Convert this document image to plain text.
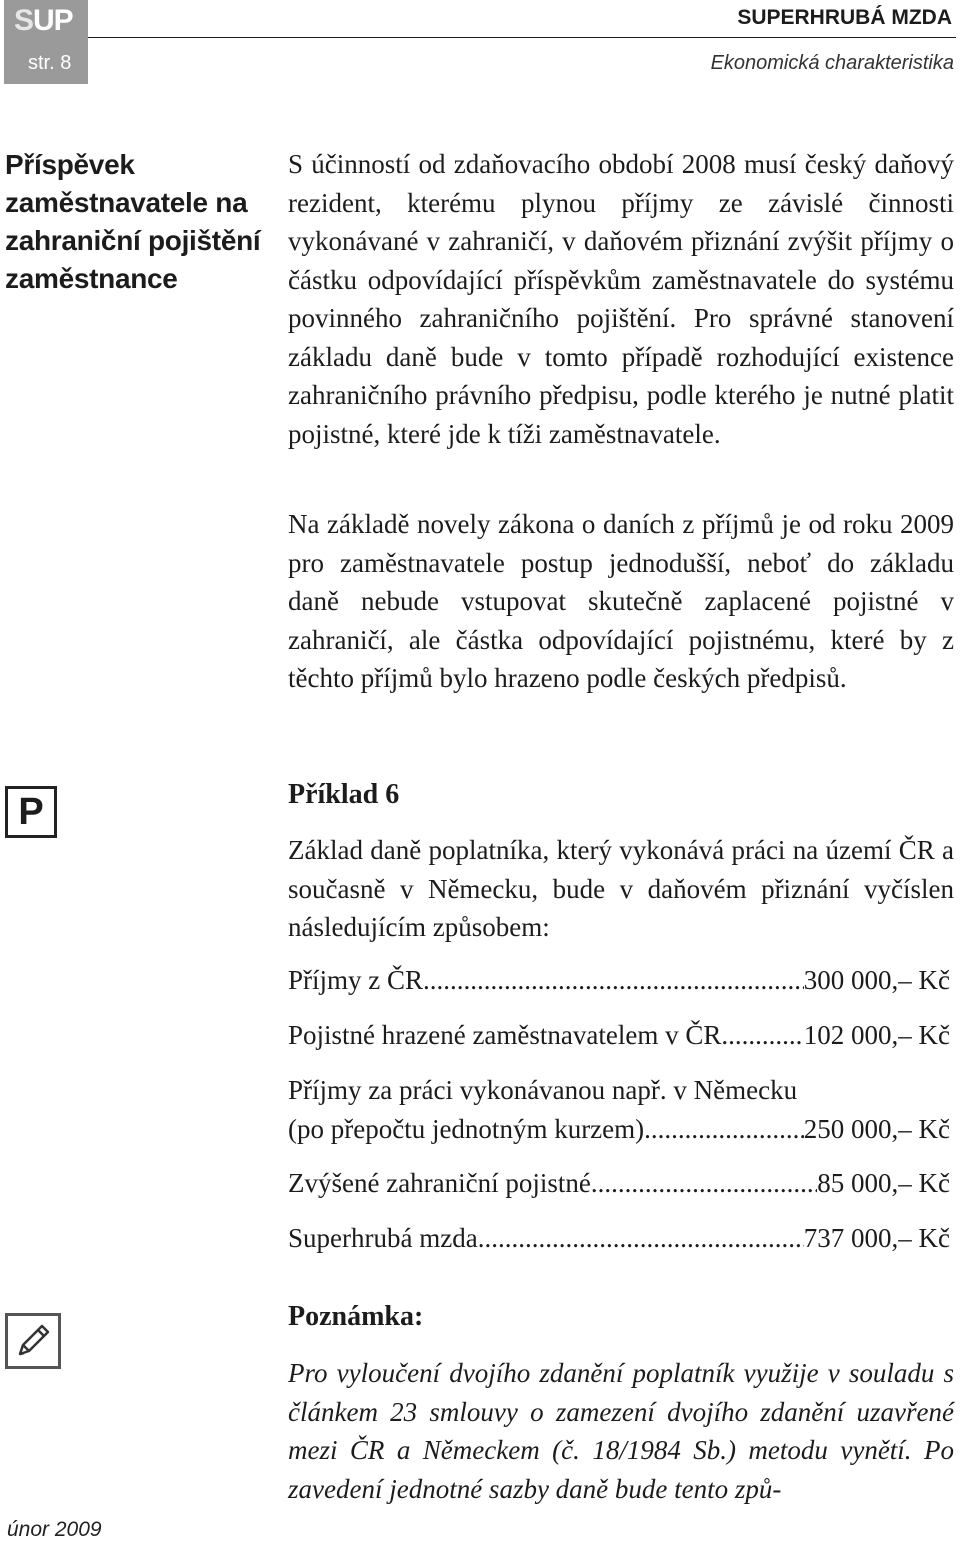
SUP
str. 8
SUPERHRUBÁ MZDA
Ekonomická charakteristika
Příspěvek zaměstnavatele na zahraniční pojištění zaměstnance
P
únor 2009

S účinností od zdaňovacího období 2008 musí český daňový rezident, kterému plynou příjmy ze závislé činnosti vykonávané v zahraničí, v daňovém přiznání zvýšit příjmy o částku odpovídající příspěvkům zaměstnavatele do systému povinného zahraničního pojištění. Pro správné stanovení základu daně bude v tomto případě rozhodující existence zahraničního právního předpisu, podle kterého je nutné platit pojistné, které jde k tíži zaměstnavatele.

Na základě novely zákona o daních z příjmů je od roku 2009 pro zaměstnavatele postup jednodušší, neboť do základu daně nebude vstupovat skutečně zaplacené pojistné v zahraničí, ale částka odpovídající pojistnému, které by z těchto příjmů bylo hrazeno podle českých předpisů.

Příklad 6

Základ daně poplatníka, který vykonává práci na území ČR a současně v Německu, bude v daňovém přiznání vyčíslen následujícím způsobem:

Příjmy z ČR .....	300 000,– Kč
Pojistné hrazené zaměstnavatelem v ČR .....	102 000,– Kč
Příjmy za práci vykonávanou např. v Německu
(po přepočtu jednotným kurzem) .....	250 000,– Kč
Zvýšené zahraniční pojistné .....	85 000,– Kč
Superhrubá mzda .....	737 000,– Kč
Poznámka:

Pro vyloučení dvojího zdanění poplatník využije v souladu s článkem 23 smlouvy o zamezení dvojího zdanění uzavřené mezi ČR a Německem (č. 18/1984 Sb.) metodu vynětí. Po zavedení jednotné sazby daně bude tento způ-
